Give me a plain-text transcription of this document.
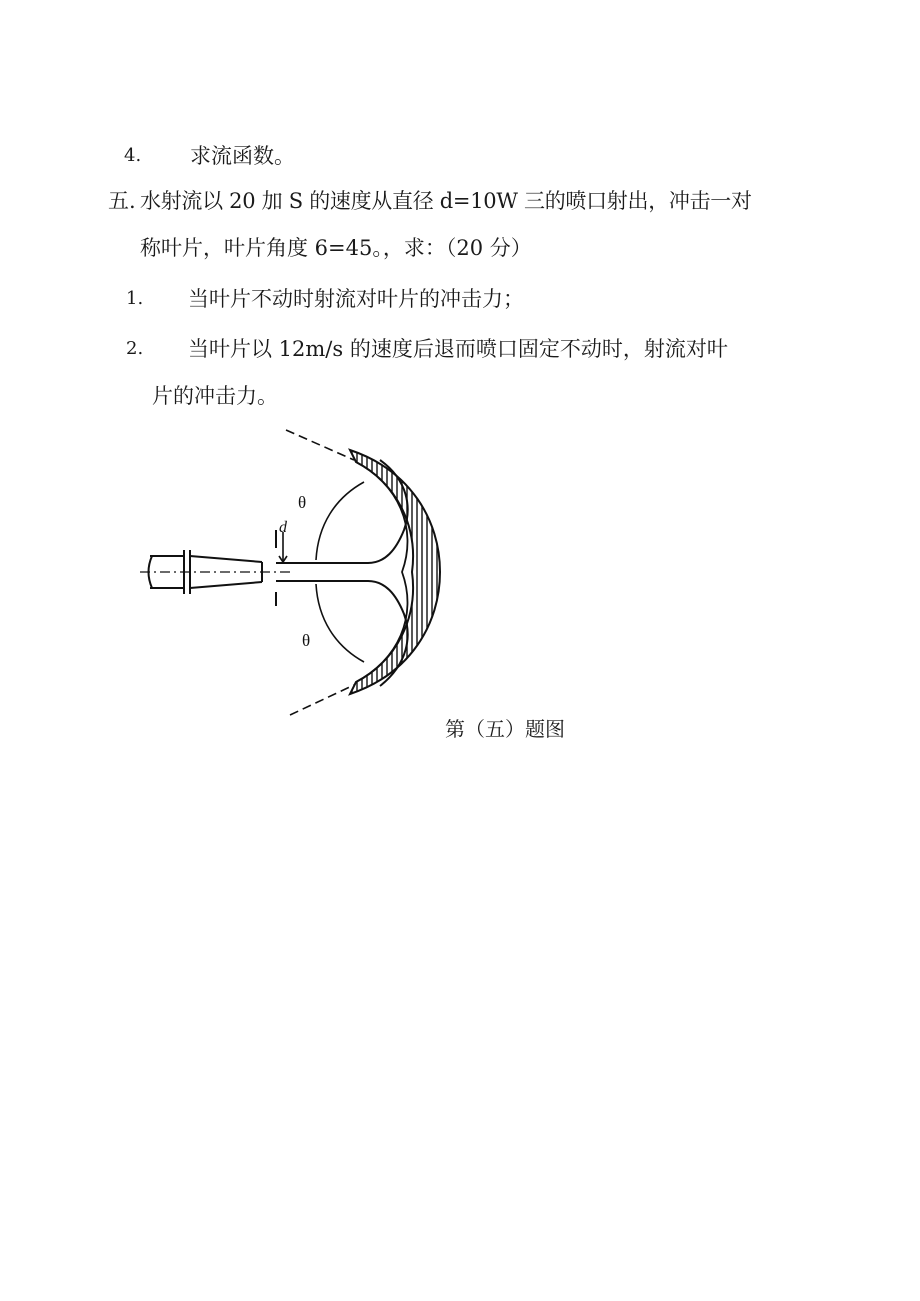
4. 求流函数。
五. 水射流以 20 加 S 的速度从直径 d=10W 三的喷口射出，冲击一对
称叶片，叶片角度 6=45。，求：（20 分）
1. 当叶片不动时射流对叶片的冲击力；
2. 当叶片以 12m∕s 的速度后退而喷口固定不动时，射流对叶
片的冲击力。
d
θ
θ
第（五）题图
